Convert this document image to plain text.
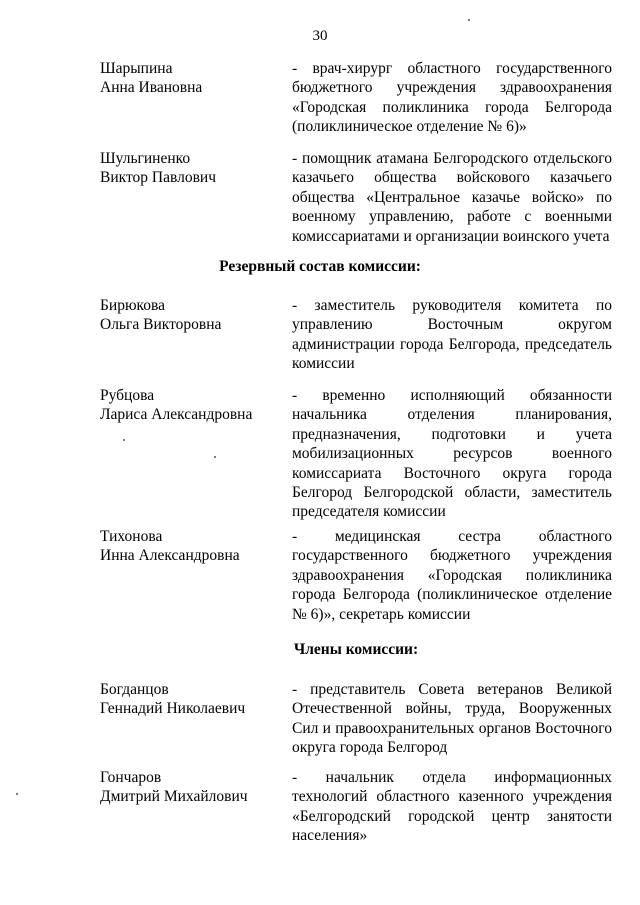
30
Шарыпина
Анна Ивановна
- врач-хирург областного государственного бюджетного учреждения здравоохранения «Городская поликлиника города Белгорода (поликлиническое отделение № 6)»
Шульгиненко
Виктор Павлович
- помощник атамана Белгородского отдельского казачьего общества войскового казачьего общества «Центральное казачье войско» по военному управлению, работе с военными комиссариатами и организации воинского учета
Резервный состав комиссии:
Бирюкова
Ольга Викторовна
- заместитель руководителя комитета по управлению Восточным округом администрации города Белгорода, председатель комиссии
Рубцова
Лариса Александровна
- временно исполняющий обязанности начальника отделения планирования, предназначения, подготовки и учета мобилизационных ресурсов военного комиссариата Восточного округа города Белгород Белгородской области, заместитель председателя комиссии
Тихонова
Инна Александровна
- медицинская сестра областного государственного бюджетного учреждения здравоохранения «Городская поликлиника города Белгорода (поликлиническое отделение № 6)», секретарь комиссии
Члены комиссии:
Богданцов
Геннадий Николаевич
- представитель Совета ветеранов Великой Отечественной войны, труда, Вооруженных Сил и правоохранительных органов Восточного округа города Белгород
Гончаров
Дмитрий Михайлович
- начальник отдела информационных технологий областного казенного учреждения «Белгородский городской центр занятости населения»
